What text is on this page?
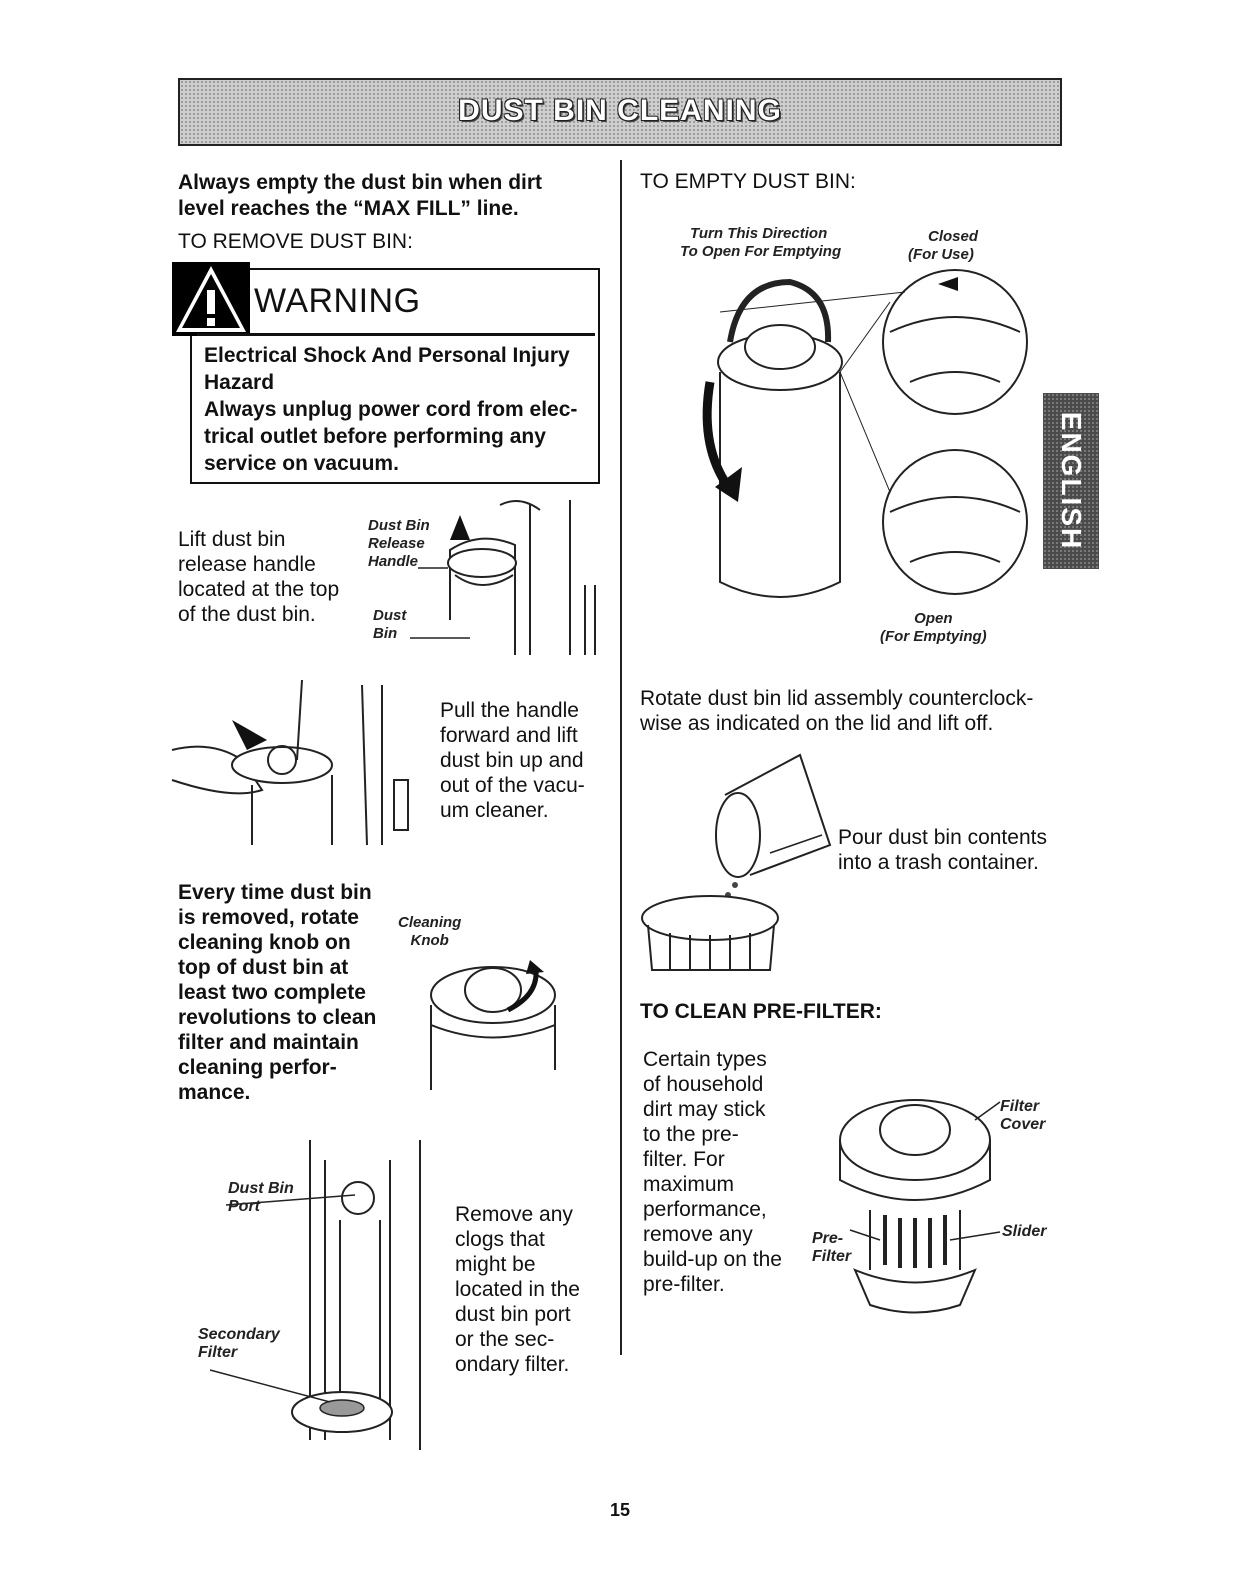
DUST BIN CLEANING
Always empty the dust bin when dirt
level reaches the “MAX FILL” line.
TO REMOVE DUST BIN:
WARNING
Electrical Shock And Personal Injury
Hazard
Always unplug power cord from elec-
trical outlet before performing any
service on vacuum.
Lift dust bin
release handle
located at the top
of the dust bin.
Dust Bin
Release
Handle
Dust
Bin
Pull the handle
forward and lift
dust bin up and
out of the vacu-
um cleaner.
Every time dust bin
is removed, rotate
cleaning knob on
top of dust bin at
least two complete
revolutions to clean
filter and maintain
cleaning perfor-
mance.
Cleaning
Knob
Dust Bin
Port
Secondary
Filter
Remove any
clogs that
might be
located in the
dust bin port
or the sec-
ondary filter.
TO EMPTY DUST BIN:
Turn This Direction
To Open For Emptying
Closed
(For Use)
Open
(For Emptying)
Rotate dust bin lid assembly counterclock-
wise as indicated on the lid and lift off.
Pour dust bin contents
into a trash container.
TO CLEAN PRE-FILTER:
Certain types
of household
dirt may stick
to the pre-
filter. For
maximum
performance,
remove any
build-up on the
pre-filter.
Filter
Cover
Slider
Pre-
Filter
ENGLISH
15
